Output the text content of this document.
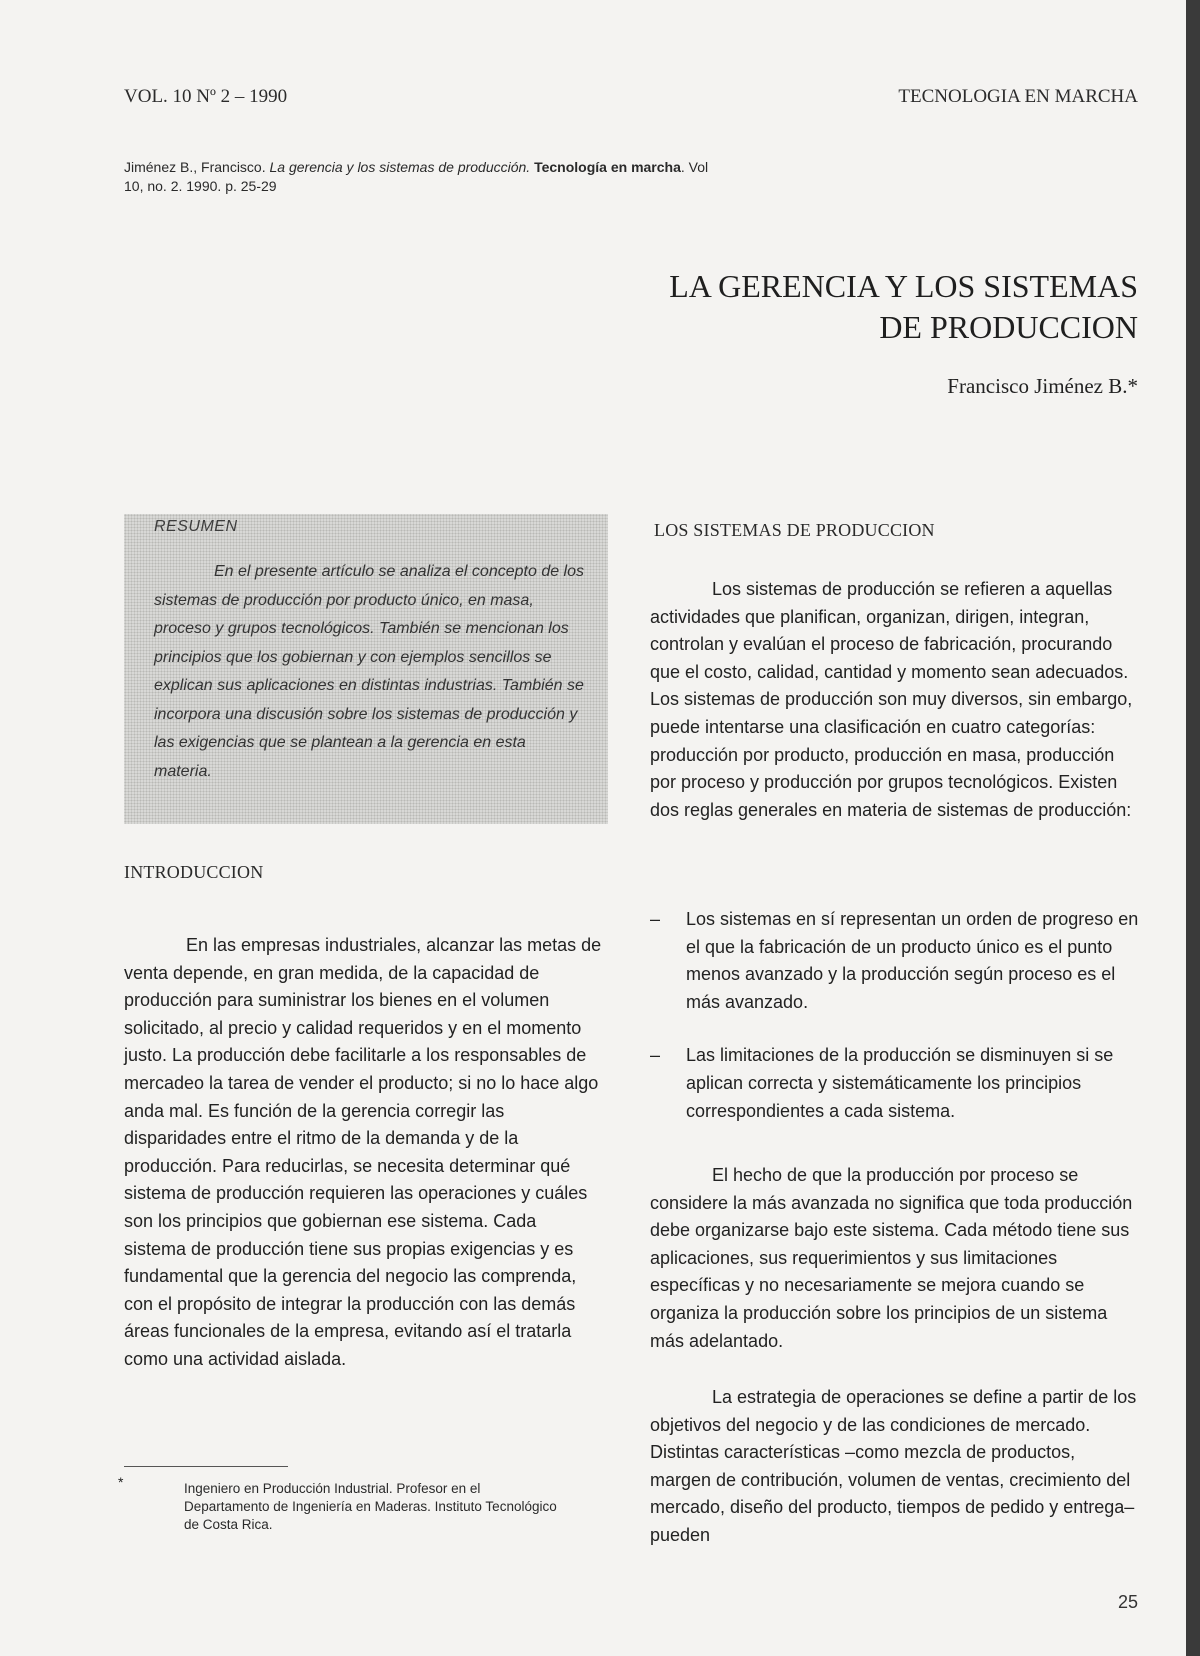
VOL. 10 Nº 2 – 1990	TECNOLOGIA EN MARCHA
Jiménez B., Francisco. La gerencia y los sistemas de producción. Tecnología en marcha. Vol 10, no. 2. 1990. p. 25-29
LA GERENCIA Y LOS SISTEMAS
DE PRODUCCION
Francisco Jiménez B.*
RESUMEN

En el presente artículo se analiza el concepto de los sistemas de producción por producto único, en masa, proceso y grupos tecnológicos. También se mencionan los principios que los gobiernan y con ejemplos sencillos se explican sus aplicaciones en distintas industrias. También se incorpora una discusión sobre los sistemas de producción y las exigencias que se plantean a la gerencia en esta materia.

INTRODUCCION

En las empresas industriales, alcanzar las metas de venta depende, en gran medida, de la capacidad de producción para suministrar los bienes en el volumen solicitado, al precio y calidad requeridos y en el momento justo. La producción debe facilitarle a los responsables de mercadeo la tarea de vender el producto; si no lo hace algo anda mal. Es función de la gerencia corregir las disparidades entre el ritmo de la demanda y de la producción. Para reducirlas, se necesita determinar qué sistema de producción requieren las operaciones y cuáles son los principios que gobiernan ese sistema. Cada sistema de producción tiene sus propias exigencias y es fundamental que la gerencia del negocio las comprenda, con el propósito de integrar la producción con las demás áreas funcionales de la empresa, evitando así el tratarla como una actividad aislada.

LOS SISTEMAS DE PRODUCCION

Los sistemas de producción se refieren a aquellas actividades que planifican, organizan, dirigen, integran, controlan y evalúan el proceso de fabricación, procurando que el costo, calidad, cantidad y momento sean adecuados. Los sistemas de producción son muy diversos, sin embargo, puede intentarse una clasificación en cuatro categorías: producción por producto, producción en masa, producción por proceso y producción por grupos tecnológicos. Existen dos reglas generales en materia de sistemas de producción:

– Los sistemas en sí representan un orden de progreso en el que la fabricación de un producto único es el punto menos avanzado y la producción según proceso es el más avanzado.
– Las limitaciones de la producción se disminuyen si se aplican correcta y sistemáticamente los principios correspondientes a cada sistema.

El hecho de que la producción por proceso se considere la más avanzada no significa que toda producción debe organizarse bajo este sistema. Cada método tiene sus aplicaciones, sus requerimientos y sus limitaciones específicas y no necesariamente se mejora cuando se organiza la producción sobre los principios de un sistema más adelantado.

La estrategia de operaciones se define a partir de los objetivos del negocio y de las condiciones de mercado. Distintas características –como mezcla de productos, margen de contribución, volumen de ventas, crecimiento del mercado, diseño del producto, tiempos de pedido y entrega– pueden

*	Ingeniero en Producción Industrial. Profesor en el Departamento de Ingeniería en Maderas. Instituto Tecnológico de Costa Rica.
25
